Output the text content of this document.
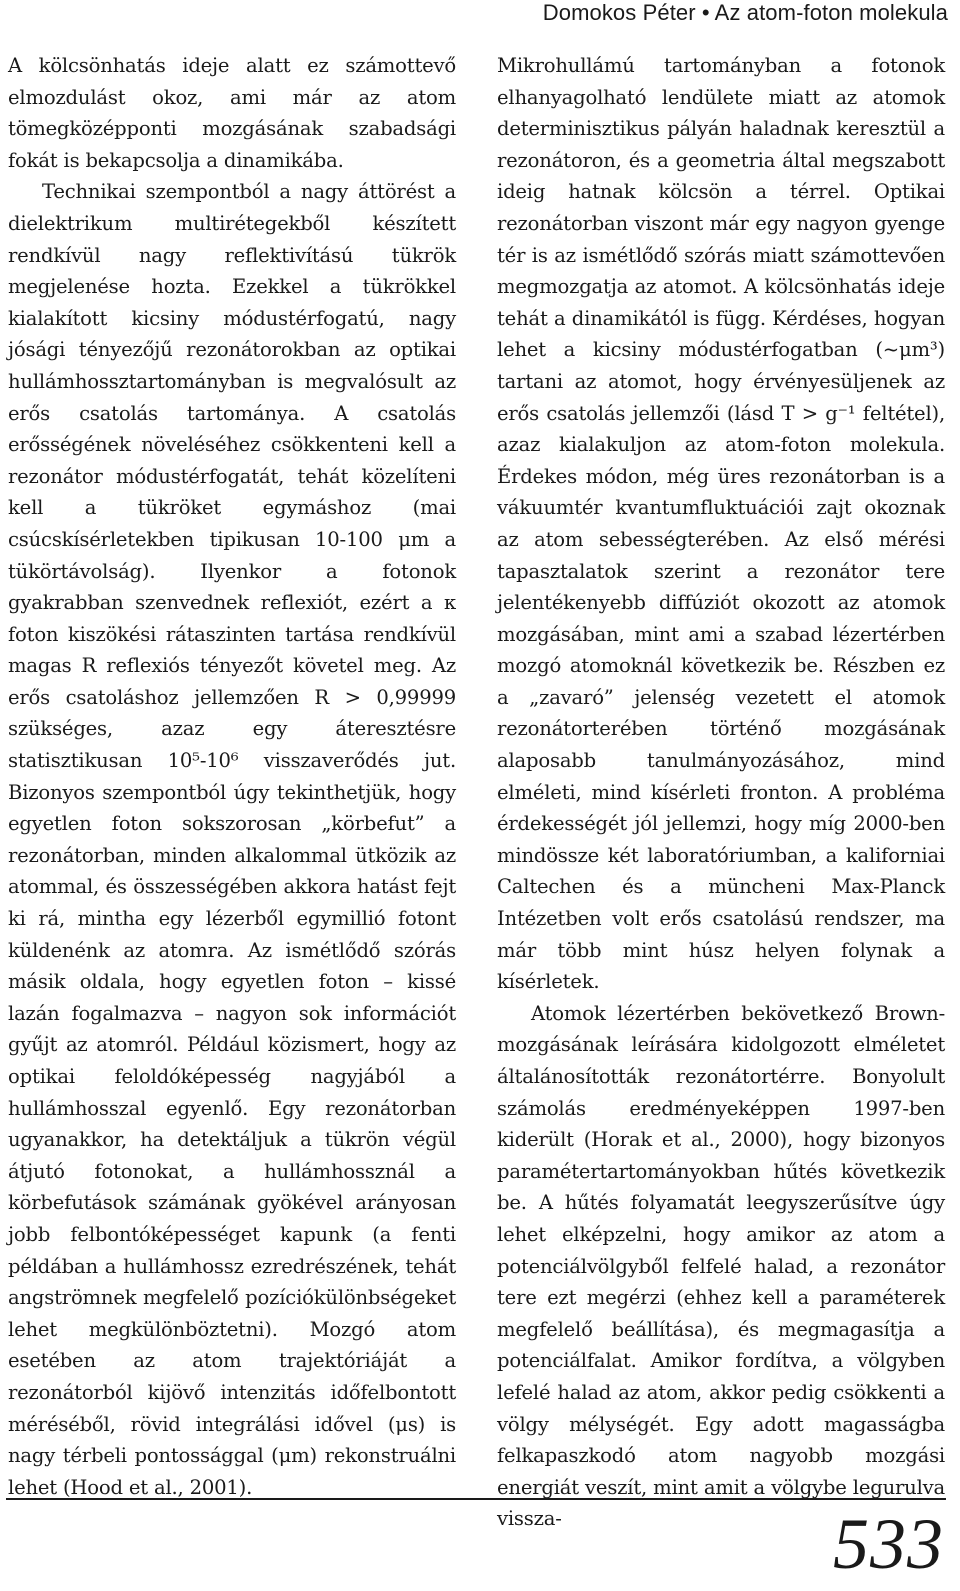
Domokos Péter • Az atom-foton molekula

A kölcsönhatás ideje alatt ez számottevő elmozdulást okoz, ami már az atom tömegközépponti mozgásának szabadsági fokát is bekapcsolja a dinamikába.

Technikai szempontból a nagy áttörést a dielektrikum multirétegekből készített rendkívül nagy reflektivítású tükrök megjelenése hozta. Ezekkel a tükrökkel kialakított kicsiny módustérfogatú, nagy jósági tényezőjű rezonátorokban az optikai hullámhossztartományban is megvalósult az erős csatolás tartománya. A csatolás erősségének növeléséhez csökkenteni kell a rezonátor módustérfogatát, tehát közelíteni kell a tükröket egymáshoz (mai csúcskísérletekben tipikusan 10-100 μm a tükörtávolság). Ilyenkor a fotonok gyakrabban szenvednek reflexiót, ezért a κ foton kiszökési rátaszinten tartása rendkívül magas R reflexiós tényezőt követel meg. Az erős csatoláshoz jellemzően R > 0,99999 szükséges, azaz egy áteresztésre statisztikusan 10⁵-10⁶ visszaverődés jut. Bizonyos szempontból úgy tekinthetjük, hogy egyetlen foton sokszorosan „körbefut” a rezonátorban, minden alkalommal ütközik az atommal, és összességében akkora hatást fejt ki rá, mintha egy lézerből egymillió fotont küldenénk az atomra. Az ismétlődő szórás másik oldala, hogy egyetlen foton – kissé lazán fogalmazva – nagyon sok információt gyűjt az atomról. Például közismert, hogy az optikai feloldóképesség nagyjából a hullámhosszal egyenlő. Egy rezonátorban ugyanakkor, ha detektáljuk a tükrön végül átjutó fotonokat, a hullámhossznál a körbefutások számának gyökével arányosan jobb felbontóképességet kapunk (a fenti példában a hullámhossz ezredrészének, tehát angströmnek megfelelő pozíciókülönbségeket lehet megkülönböztetni). Mozgó atom esetében az atom trajektóriáját a rezonátorból kijövő intenzitás időfelbontott méréséből, rövid integrálási idővel (μs) is nagy térbeli pontossággal (μm) rekonstruálni lehet (Hood et al., 2001).

Mikrohullámú tartományban a fotonok elhanyagolható lendülete miatt az atomok determinisztikus pályán haladnak keresztül a rezonátoron, és a geometria által megszabott ideig hatnak kölcsön a térrel. Optikai rezonátorban viszont már egy nagyon gyenge tér is az ismétlődő szórás miatt számottevően megmozgatja az atomot. A kölcsönhatás ideje tehát a dinamikától is függ. Kérdéses, hogyan lehet a kicsiny módustérfogatban (~μm³) tartani az atomot, hogy érvényesüljenek az erős csatolás jellemzői (lásd T > g⁻¹ feltétel), azaz kialakuljon az atom-foton molekula. Érdekes módon, még üres rezonátorban is a vákuumtér kvantumfluktuációi zajt okoznak az atom sebességterében. Az első mérési tapasztalatok szerint a rezonátor tere jelentékenyebb diffúziót okozott az atomok mozgásában, mint ami a szabad lézertérben mozgó atomoknál következik be. Részben ez a „zavaró” jelenség vezetett el atomok rezonátorterében történő mozgásának alaposabb tanulmányozásához, mind elméleti, mind kísérleti fronton. A probléma érdekességét jól jellemzi, hogy míg 2000-ben mindössze két laboratóriumban, a kaliforniai Caltechen és a müncheni Max-Planck Intézetben volt erős csatolású rendszer, ma már több mint húsz helyen folynak a kísérletek.

Atomok lézertérben bekövetkező Brown-mozgásának leírására kidolgozott elméletet általánosították rezonátortérre. Bonyolult számolás eredményeképpen 1997-ben kiderült (Horak et al., 2000), hogy bizonyos paramétertartományokban hűtés következik be. A hűtés folyamatát leegyszerűsítve úgy lehet elképzelni, hogy amikor az atom a potenciálvölgyből felfelé halad, a rezonátor tere ezt megérzi (ehhez kell a paraméterek megfelelő beállítása), és megmagasítja a potenciálfalat. Amikor fordítva, a völgyben lefelé halad az atom, akkor pedig csökkenti a völgy mélységét. Egy adott magasságba felkapaszkodó atom nagyobb mozgási energiát veszít, mint amit a völgybe legurulva vissza-	533
